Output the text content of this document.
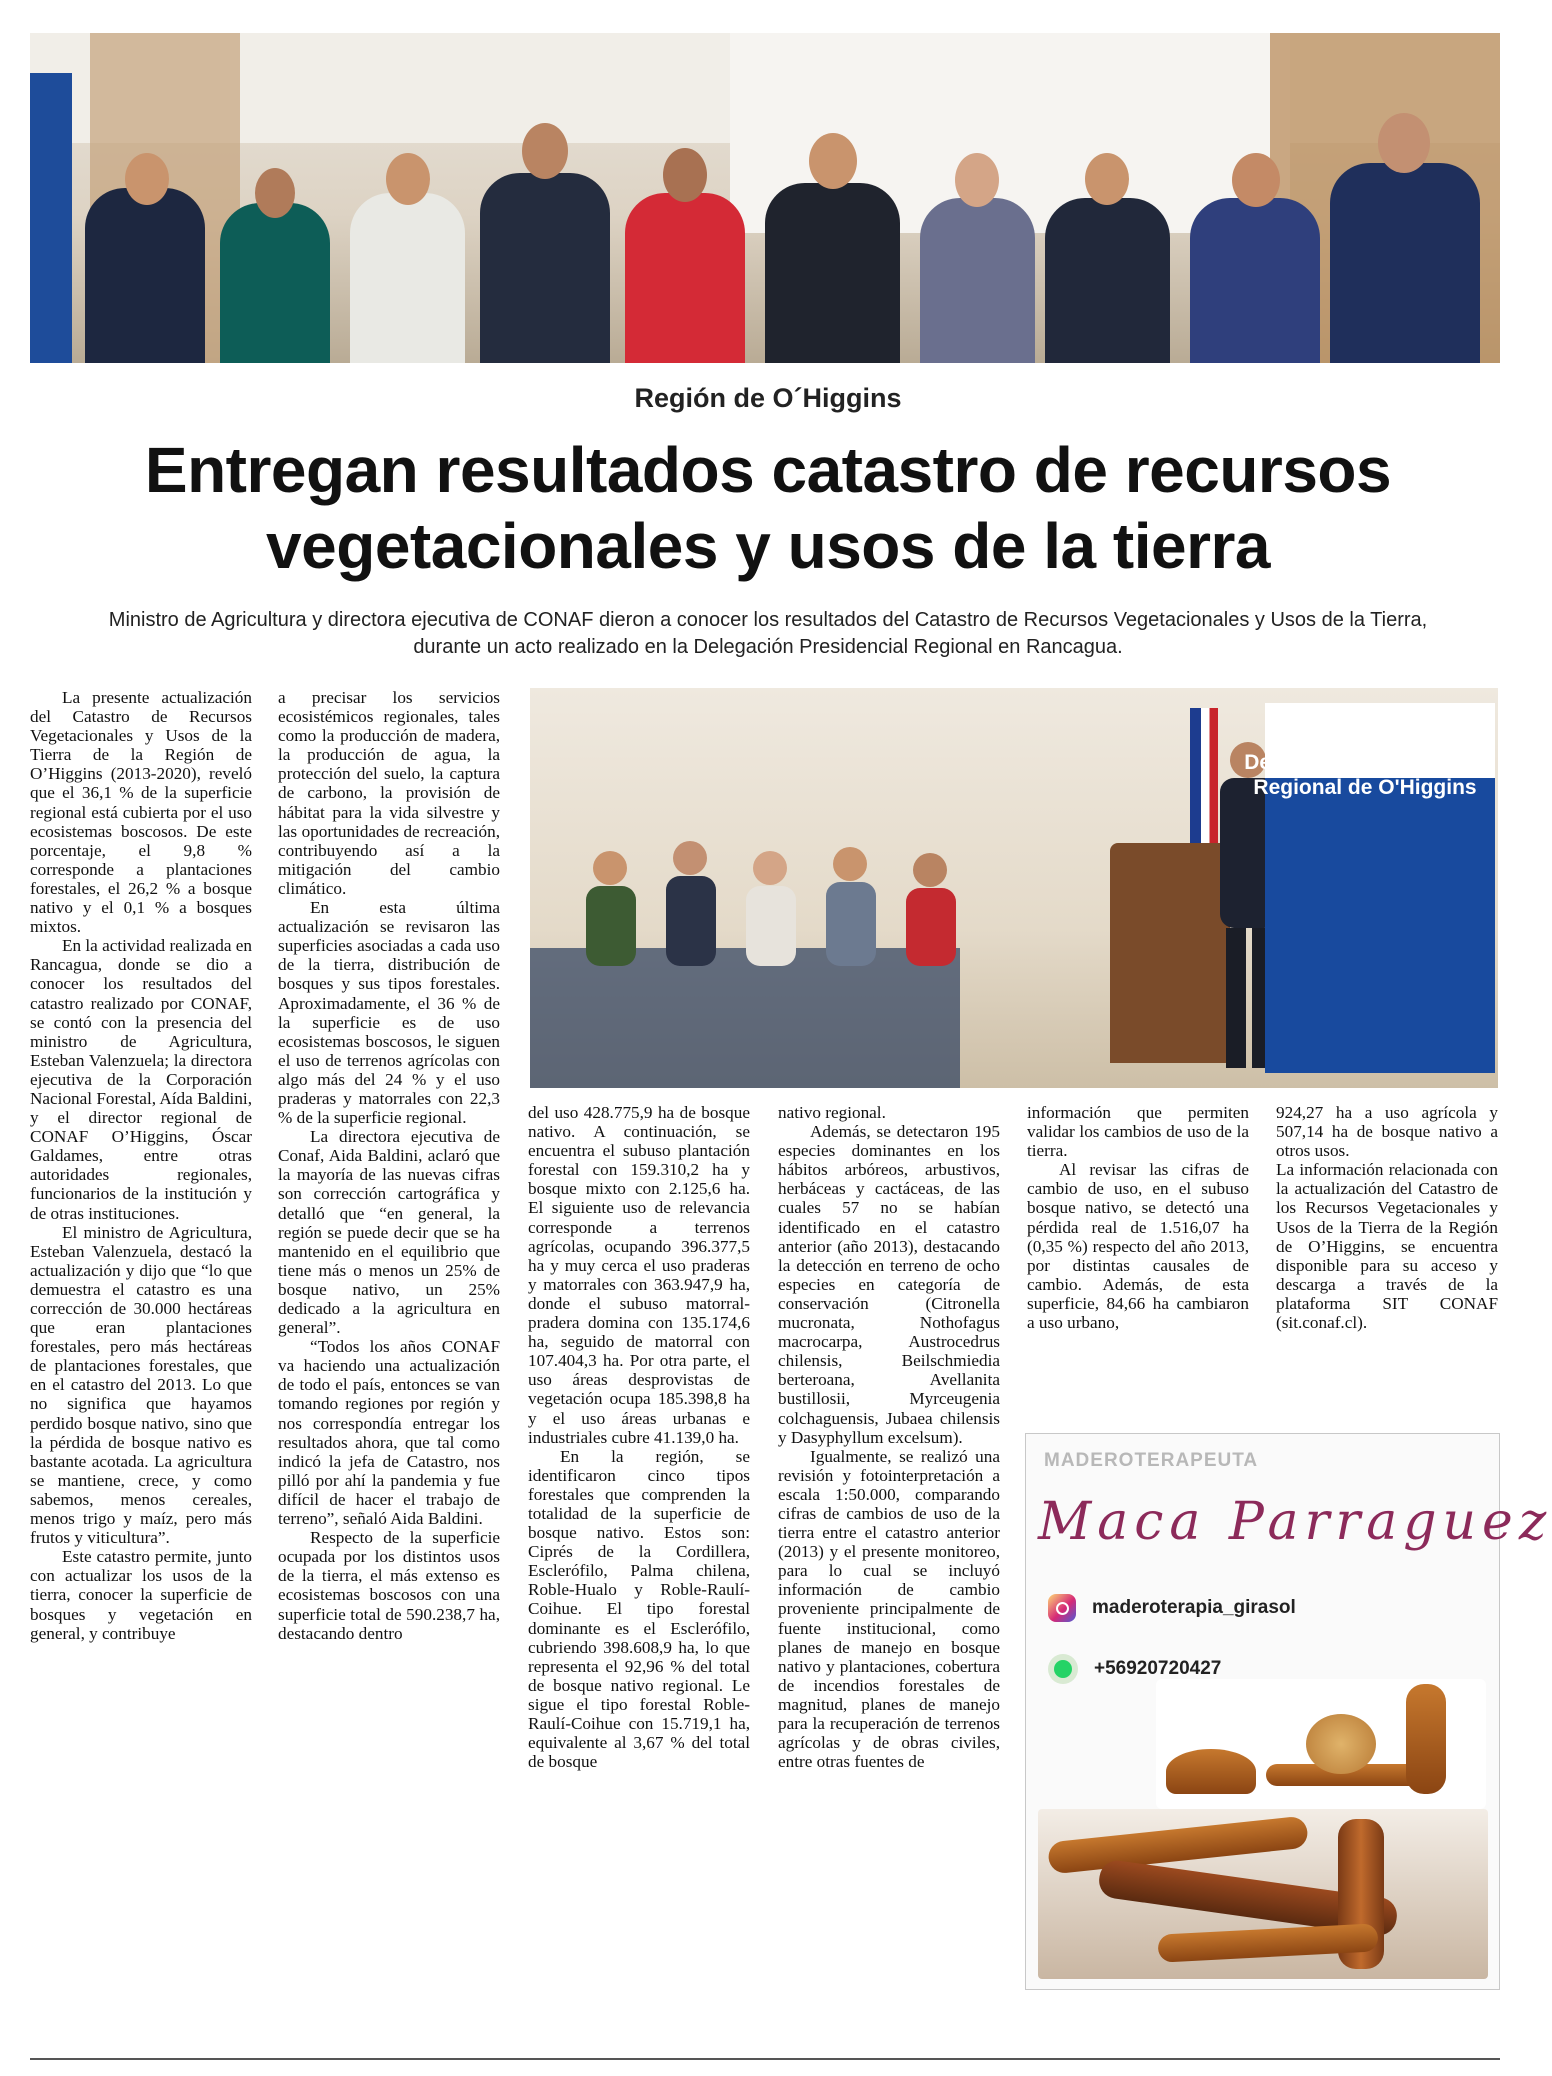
Región de O´Higgins
Entregan resultados catastro de recursos
vegetacionales y usos de la tierra
Ministro de Agricultura y directora ejecutiva de CONAF dieron a conocer los resultados del Catastro de Recursos Vegetacionales y Usos de la Tierra,
durante un acto realizado en la Delegación Presidencial Regional en Rancagua.

La presente actualización del Catastro de Recursos Vegetacionales y Usos de la Tierra de la Región de O’Higgins (2013-2020), reveló que el 36,1 % de la superficie regional está cubierta por el uso ecosistemas boscosos. De este porcentaje, el 9,8 % corresponde a plantaciones forestales, el 26,2 % a bosque nativo y el 0,1 % a bosques mixtos.

En la actividad realizada en Rancagua, donde se dio a conocer los resultados del catastro realizado por CONAF, se contó con la presencia del ministro de Agricultura, Esteban Valenzuela; la directora ejecutiva de la Corporación Nacional Forestal, Aída Baldini, y el director regional de CONAF O’Higgins, Óscar Galdames, entre otras autoridades regionales, funcionarios de la institución y de otras instituciones.

El ministro de Agricultura, Esteban Valenzuela, destacó la actualización y dijo que “lo que demuestra el catastro es una corrección de 30.000 hectáreas que eran plantaciones forestales, pero más hectáreas de plantaciones forestales, que en el catastro del 2013. Lo que no significa que hayamos perdido bosque nativo, sino que la pérdida de bosque nativo es bastante acotada. La agricultura se mantiene, crece, y como sabemos, menos cereales, menos trigo y maíz, pero más frutos y viticultura”.

Este catastro permite, junto con actualizar los usos de la tierra, conocer la superficie de bosques y vegetación en general, y contribuye

a precisar los servicios ecosistémicos regionales, tales como la producción de madera, la producción de agua, la protección del suelo, la captura de carbono, la provisión de hábitat para la vida silvestre y las oportunidades de recreación, contribuyendo así a la mitigación del cambio climático.

En esta última actualización se revisaron las superficies asociadas a cada uso de la tierra, distribución de bosques y sus tipos forestales. Aproximadamente, el 36 % de la superficie es de uso ecosistemas boscosos, le siguen el uso de terrenos agrícolas con algo más del 24 % y el uso praderas y matorrales con 22,3 % de la superficie regional.

La directora ejecutiva de Conaf, Aida Baldini, aclaró que la mayoría de las nuevas cifras son corrección cartográfica y detalló que “en general, la región se puede decir que se ha mantenido en el equilibrio que tiene más o menos un 25% de bosque nativo, un 25% dedicado a la agricultura en general”.

“Todos los años CONAF va haciendo una actualización de todo el país, entonces se van tomando regiones por región y nos correspondía entregar los resultados ahora, que tal como indicó la jefa de Catastro, nos pilló por ahí la pandemia y fue difícil de hacer el trabajo de terreno”, señaló Aida Baldini.

Respecto de la superficie ocupada por los distintos usos de la tierra, el más extenso es ecosistemas boscosos con una superficie total de 590.238,7 ha, destacando dentro

Delegación Presidencial Regional de O'Higgins

del uso 428.775,9 ha de bosque nativo. A continuación, se encuentra el subuso plantación forestal con 159.310,2 ha y bosque mixto con 2.125,6 ha. El siguiente uso de relevancia corresponde a terrenos agrícolas, ocupando 396.377,5 ha y muy cerca el uso praderas y matorrales con 363.947,9 ha, donde el subuso matorral-pradera domina con 135.174,6 ha, seguido de matorral con 107.404,3 ha. Por otra parte, el uso áreas desprovistas de vegetación ocupa 185.398,8 ha y el uso áreas urbanas e industriales cubre 41.139,0 ha.

En la región, se identificaron cinco tipos forestales que comprenden la totalidad de la superficie de bosque nativo. Estos son: Ciprés de la Cordillera, Esclerófilo, Palma chilena, Roble-Hualo y Roble-Raulí-Coihue. El tipo forestal dominante es el Esclerófilo, cubriendo 398.608,9 ha, lo que representa el 92,96 % del total de bosque nativo regional. Le sigue el tipo forestal Roble-Raulí-Coihue con 15.719,1 ha, equivalente al 3,67 % del total de bosque

nativo regional.

Además, se detectaron 195 especies dominantes en los hábitos arbóreos, arbustivos, herbáceas y cactáceas, de las cuales 57 no se habían identificado en el catastro anterior (año 2013), destacando la detección en terreno de ocho especies en categoría de conservación (Citronella mucronata, Nothofagus macrocarpa, Austrocedrus chilensis, Beilschmiedia berteroana, Avellanita bustillosii, Myrceugenia colchaguensis, Jubaea chilensis y Dasyphyllum excelsum).

Igualmente, se realizó una revisión y fotointerpretación a escala 1:50.000, comparando cifras de cambios de uso de la tierra entre el catastro anterior (2013) y el presente monitoreo, para lo cual se incluyó información de cambio proveniente principalmente de fuente institucional, como planes de manejo en bosque nativo y plantaciones, cobertura de incendios forestales de magnitud, planes de manejo para la recuperación de terrenos agrícolas y de obras civiles, entre otras fuentes de

información que permiten validar los cambios de uso de la tierra.

Al revisar las cifras de cambio de uso, en el subuso bosque nativo, se detectó una pérdida real de 1.516,07 ha (0,35 %) respecto del año 2013, por distintas causales de cambio. Además, de esta superficie, 84,66 ha cambiaron a uso urbano,

924,27 ha a uso agrícola y 507,14 ha de bosque nativo a otros usos.

La información relacionada con la actualización del Catastro de los Recursos Vegetacionales y Usos de la Tierra de la Región de O’Higgins, se encuentra disponible para su acceso y descarga a través de la plataforma SIT CONAF (sit.conaf.cl).

MADEROTERAPEUTA
Maca Parraguez
maderoterapia_girasol
+56920720427
